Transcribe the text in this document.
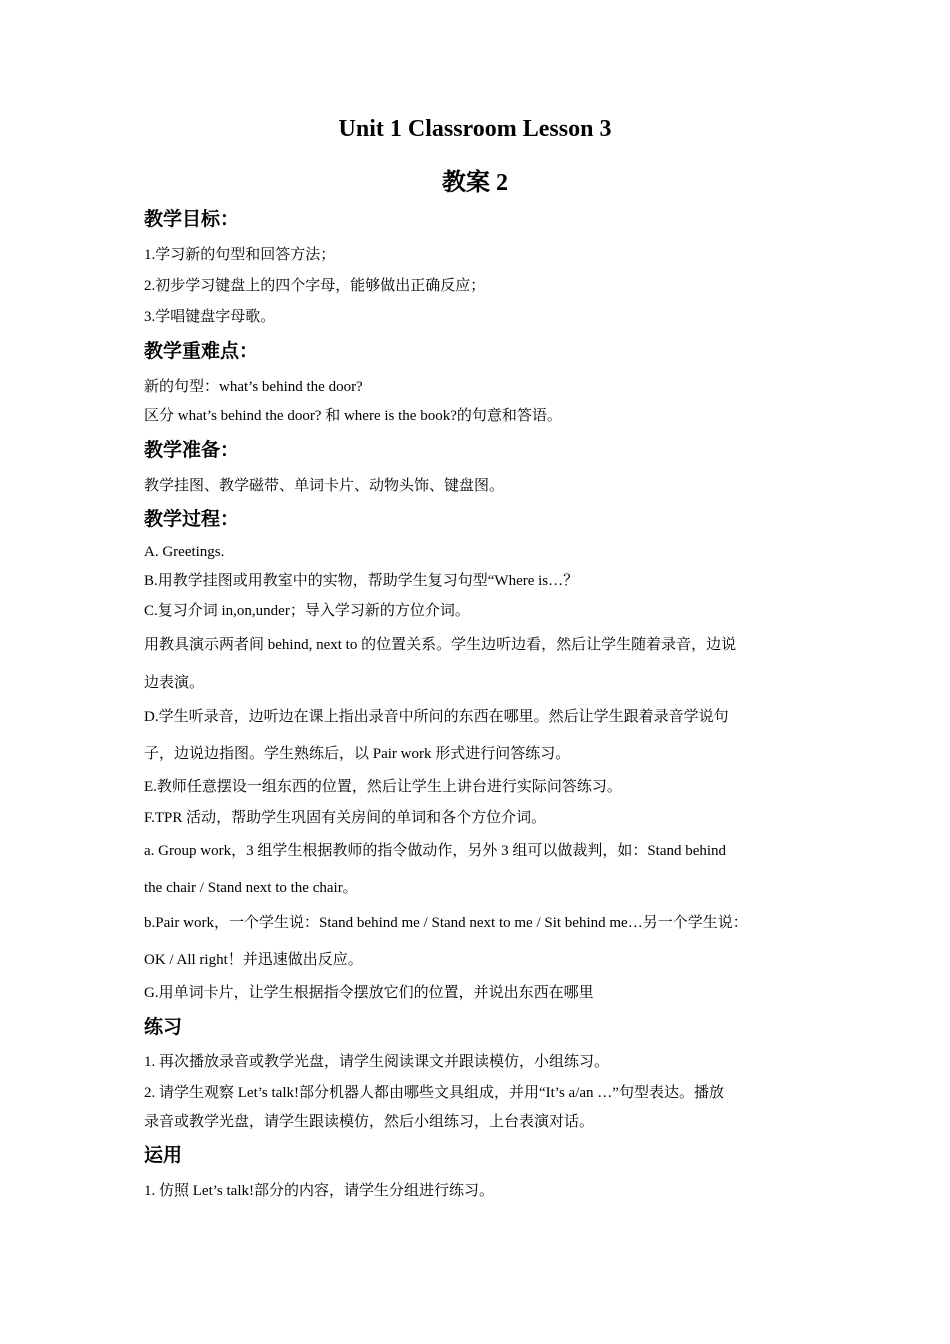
Unit 1 Classroom Lesson 3
教案 2
教学目标：

1.学习新的句型和回答方法；

2.初步学习键盘上的四个字母，能够做出正确反应；

3.学唱键盘字母歌。

教学重难点：

新的句型：what’s behind the door?

区分 what’s behind the door? 和 where is the book?的句意和答语。

教学准备：

教学挂图、教学磁带、单词卡片、动物头饰、键盘图。

教学过程：

A. Greetings.

B.用教学挂图或用教室中的实物，帮助学生复习句型“Where is…？

C.复习介词 in,on,under；导入学习新的方位介词。

用教具演示两者间 behind, next to 的位置关系。学生边听边看，然后让学生随着录音，边说

边表演。

D.学生听录音，边听边在课上指出录音中所问的东西在哪里。然后让学生跟着录音学说句

子，边说边指图。学生熟练后，以 Pair work 形式进行问答练习。

E.教师任意摆设一组东西的位置，然后让学生上讲台进行实际问答练习。

F.TPR 活动，帮助学生巩固有关房间的单词和各个方位介词。

a. Group work，3 组学生根据教师的指令做动作，另外 3 组可以做裁判，如：Stand behind

the chair / Stand next to the chair。

b.Pair work，一个学生说：Stand behind me / Stand next to me / Sit behind me…另一个学生说：

OK / All right！并迅速做出反应。

G.用单词卡片，让学生根据指令摆放它们的位置，并说出东西在哪里

练习

1. 再次播放录音或教学光盘，请学生阅读课文并跟读模仿，小组练习。

2. 请学生观察 Let’s talk!部分机器人都由哪些文具组成，并用“It’s a/an …”句型表达。播放

录音或教学光盘，请学生跟读模仿，然后小组练习，上台表演对话。

运用

1. 仿照 Let’s talk!部分的内容，请学生分组进行练习。
